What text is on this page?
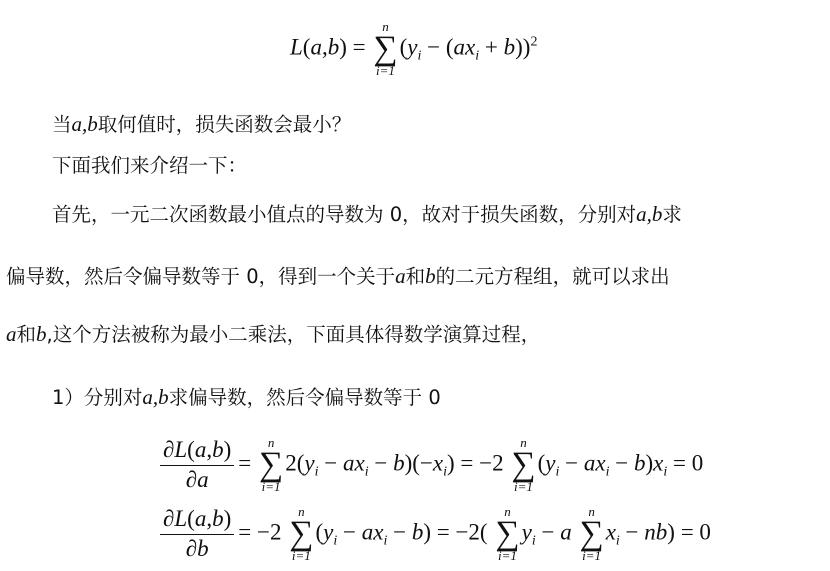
L(a,b) =
n
∑
i=1
$(y_i - (ax_i + b))^2$
当a,b取何值时，损失函数会最小？
下面我们来介绍一下：
首先，一元二次函数最小值点的导数为 0，故对于损失函数，分别对a,b求
偏导数，然后令偏导数等于 0，得到一个关于a和b的二元方程组，就可以求出
a和b,这个方法被称为最小二乘法，下面具体得数学演算过程，
1）分别对a,b求偏导数，然后令偏导数等于 0
$\frac{\partial L(a,b)}{\partial a}$ =
n
∑
i=1
$2(y_i - ax_i - b)(-x_i) = -2$
n
∑
i=1
$(y_i - ax_i - b)x_i = 0$
$\frac{\partial L(a,b)}{\partial b} = -2$
n
∑
i=1
$(y_i - ax_i - b) = -2$(
n
∑
i=1
$y_i - a$
n
∑
i=1
$x_i - nb) = 0$
